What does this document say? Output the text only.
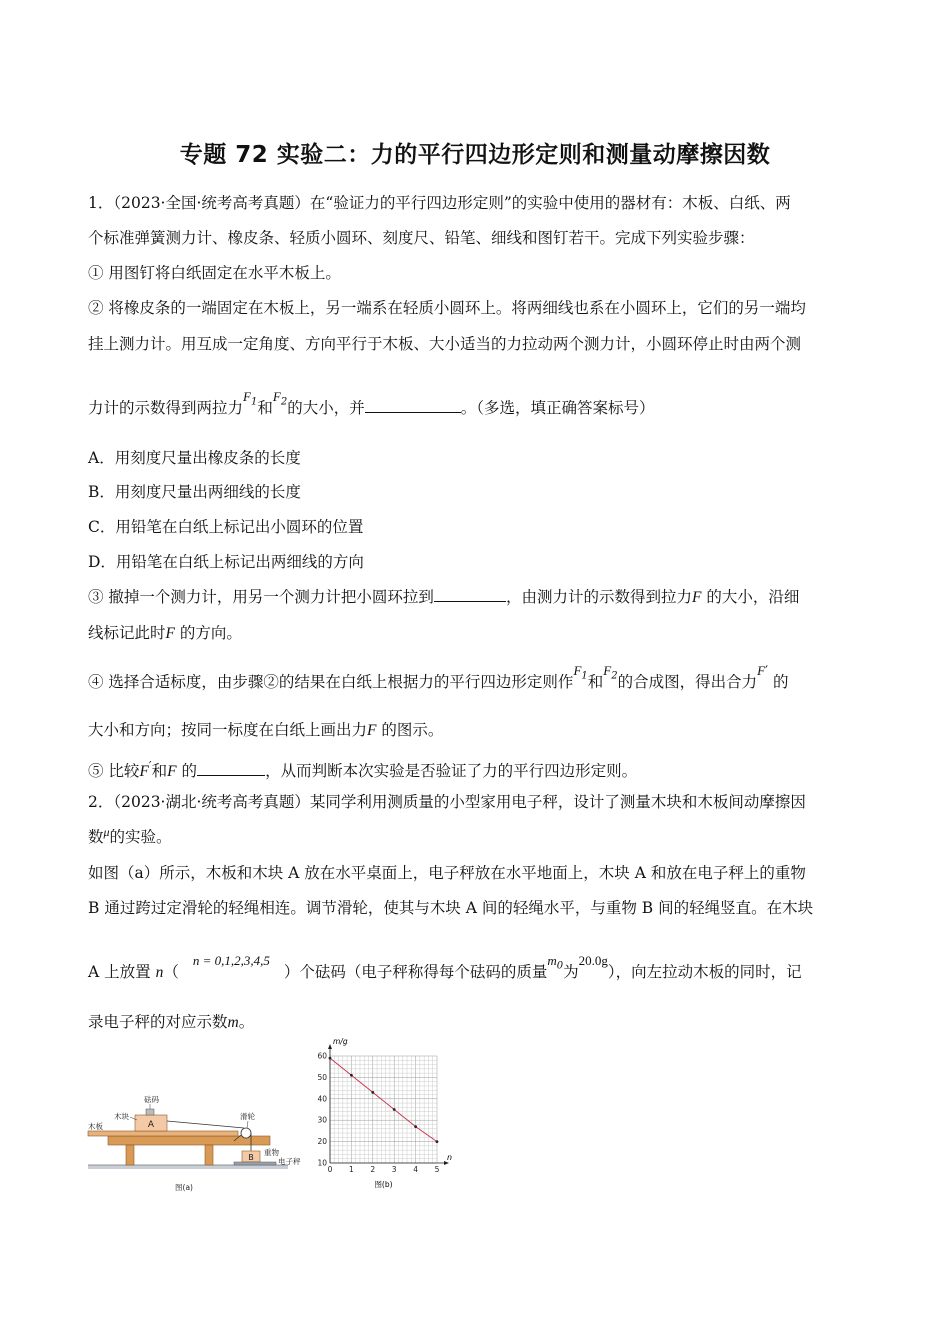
专题 72 实验二：力的平行四边形定则和测量动摩擦因数
1．（2023·全国·统考高考真题）在“验证力的平行四边形定则”的实验中使用的器材有：木板、白纸、两
个标准弹簧测力计、橡皮条、轻质小圆环、刻度尺、铅笔、细线和图钉若干。完成下列实验步骤：
① 用图钉将白纸固定在水平木板上。
② 将橡皮条的一端固定在木板上，另一端系在轻质小圆环上。将两细线也系在小圆环上，它们的另一端均
挂上测力计。用互成一定角度、方向平行于木板、大小适当的力拉动两个测力计，小圆环停止时由两个测
力计的示数得到两拉力$^{F_1}$和$^{F_2}$的大小，并	。（多选，填正确答案标号）
A．用刻度尺量出橡皮条的长度
B．用刻度尺量出两细线的长度
C．用铅笔在白纸上标记出小圆环的位置
D．用铅笔在白纸上标记出两细线的方向
③ 撤掉一个测力计，用另一个测力计把小圆环拉到	，由测力计的示数得到拉力F 的大小，沿细
线标记此时F 的方向。
④ 选择合适标度，由步骤②的结果在白纸上根据力的平行四边形定则作$^{F_1}$和$^{F_2}$的合成图，得出合力$^{F'}$ 的
大小和方向；按同一标度在白纸上画出力F 的图示。
⑤ 比较F′和F 的	，从而判断本次实验是否验证了力的平行四边形定则。
2．（2023·湖北·统考高考真题）某同学利用测质量的小型家用电子秤，设计了测量木块和木板间动摩擦因
数$^\mu$的实验。
如图（a）所示，木板和木块 A 放在水平桌面上，电子秤放在水平地面上，木块 A 和放在电子秤上的重物
B 通过跨过定滑轮的轻绳相连。调节滑轮，使其与木块 A 间的轻绳水平，与重物 B 间的轻绳竖直。在木块
A 上放置 n（$^{n = 0,1,2,3,4,5}$）个砝码（电子秤称得每个砝码的质量$^{m_0}$为$^{20.0g}$），向左拉动木板的同时，记
录电子秤的对应示数m。
A
B
砝码
木块
木板
滑轮
重物
电子秤
图(a)
0 1 2 3 4 5
10
20
30
40
50
60
m/g
n
图(b)
